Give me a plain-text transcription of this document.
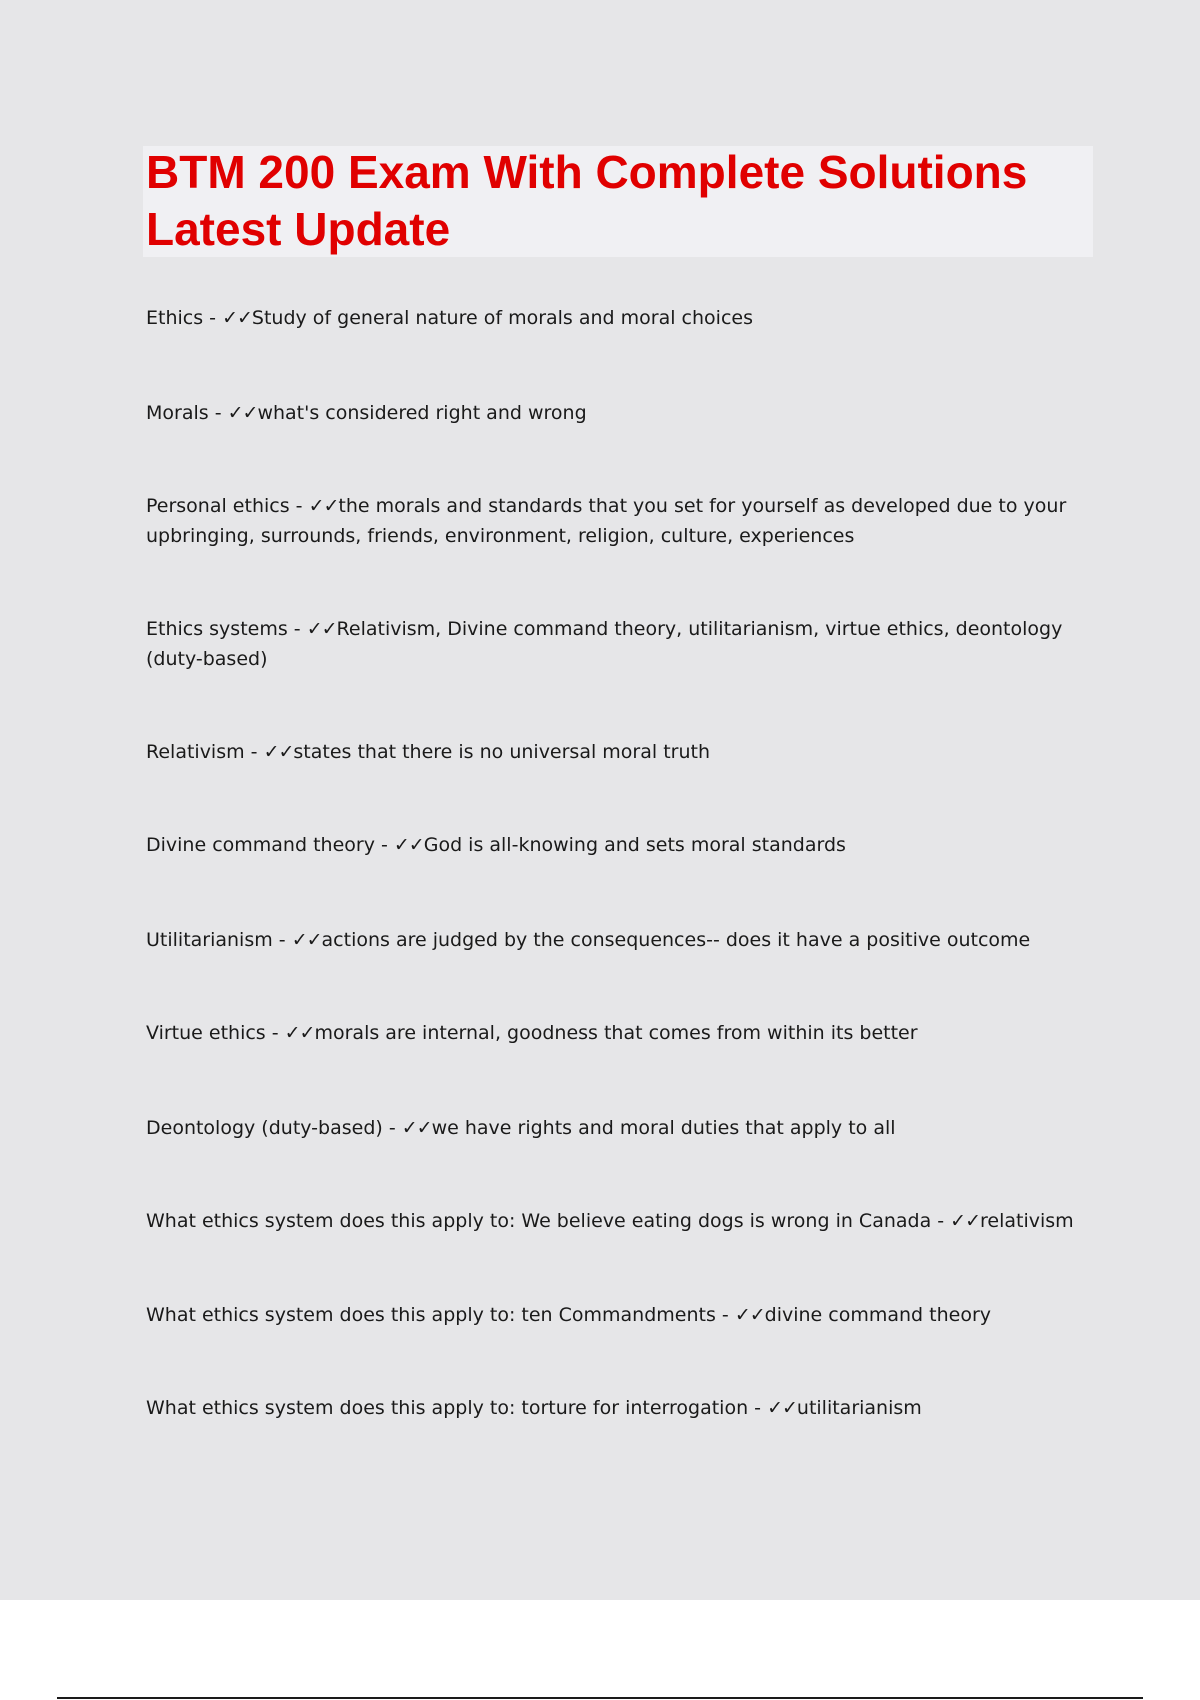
BTM 200 Exam With Complete Solutions
Latest Update

Ethics - ✓✓Study of general nature of morals and moral choices

Morals - ✓✓what's considered right and wrong

Personal ethics - ✓✓the morals and standards that you set for yourself as developed due to your upbringing, surrounds, friends, environment, religion, culture, experiences

Ethics systems - ✓✓Relativism, Divine command theory, utilitarianism, virtue ethics, deontology (duty-based)

Relativism - ✓✓states that there is no universal moral truth

Divine command theory - ✓✓God is all-knowing and sets moral standards

Utilitarianism - ✓✓actions are judged by the consequences-- does it have a positive outcome

Virtue ethics - ✓✓morals are internal, goodness that comes from within its better

Deontology (duty-based) - ✓✓we have rights and moral duties that apply to all

What ethics system does this apply to: We believe eating dogs is wrong in Canada - ✓✓relativism

What ethics system does this apply to: ten Commandments - ✓✓divine command theory

What ethics system does this apply to: torture for interrogation - ✓✓utilitarianism
